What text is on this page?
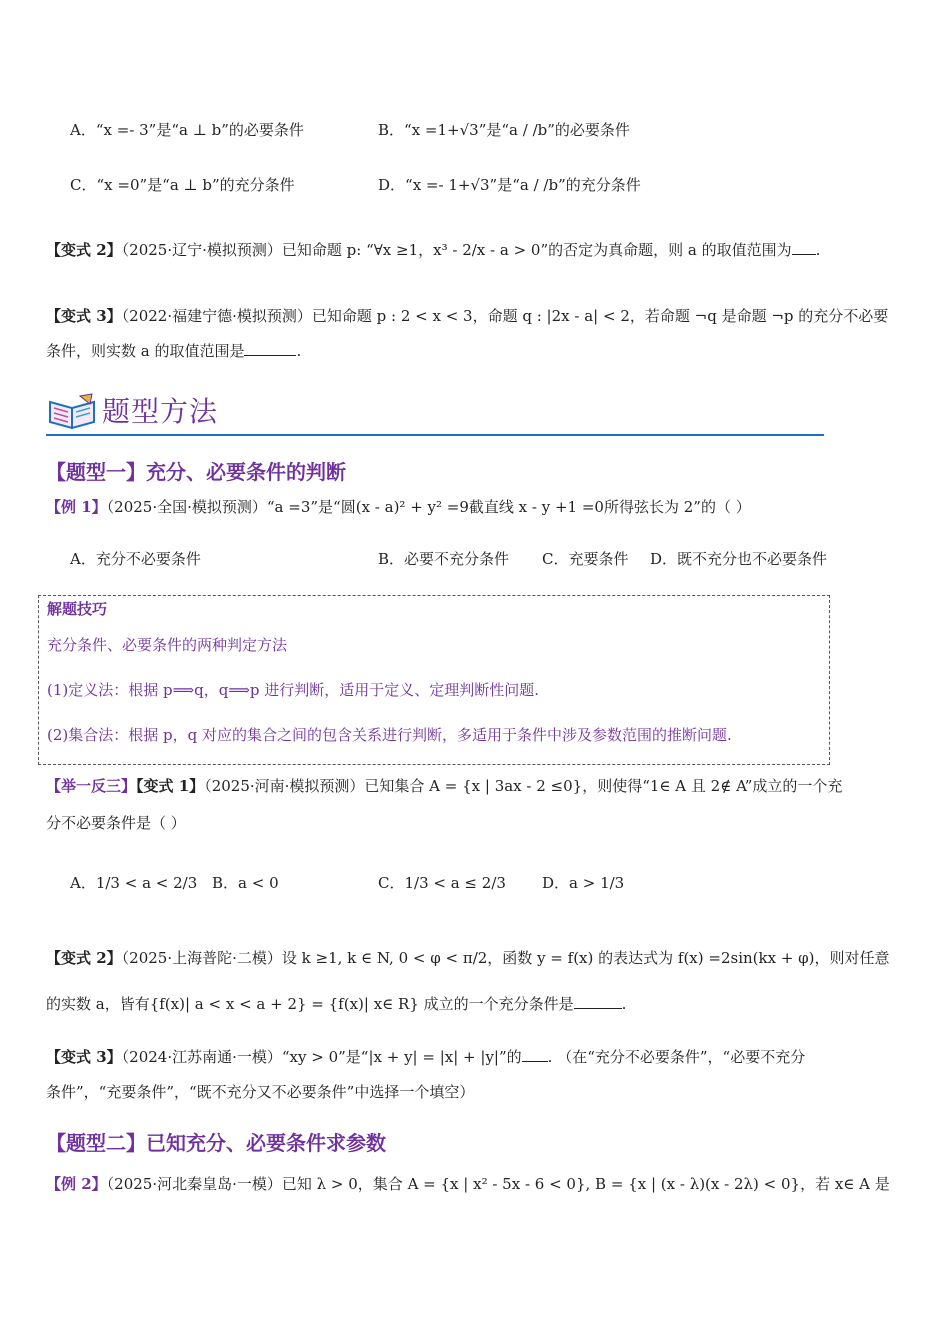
A．“x =- 3”是“a ⊥ b”的必要条件	B．“x =1+√3”是“a / /b”的必要条件
C．“x =0”是“a ⊥ b”的充分条件	D．“x =- 1+√3”是“a / /b”的充分条件
【变式 2】（2025·辽宁·模拟预测）已知命题 p: “∀x ≥1，x³ - 2/x - a > 0”的否定为真命题，则 a 的取值范围为 .
【变式 3】（2022·福建宁德·模拟预测）已知命题 p : 2 < x < 3，命题 q : |2x - a| < 2，若命题 ¬q 是命题 ¬p 的充分不必要
条件，则实数 a 的取值范围是	.
题型方法
【题型一】充分、必要条件的判断
【例 1】（2025·全国·模拟预测）“a =3”是“圆(x - a)² + y² =9截直线 x - y +1 =0所得弦长为 2”的（ ）
A．充分不必要条件	B．必要不充分条件 C．充要条件 D．既不充分也不必要条件
解题技巧
充分条件、必要条件的两种判定方法
(1)定义法：根据 p⟹q，q⟹p 进行判断，适用于定义、定理判断性问题.
(2)集合法：根据 p，q 对应的集合之间的包含关系进行判断，多适用于条件中涉及参数范围的推断问题.
【举一反三】【变式 1】（2025·河南·模拟预测）已知集合 A = {x | 3ax - 2 ≤0}，则使得“1∈ A 且 2∉ A”成立的一个充
分不必要条件是（ ）
A．1/3 < a < 2/3 B．a < 0	C．1/3 < a ≤ 2/3 D．a > 1/3
【变式 2】（2025·上海普陀·二模）设 k ≥1, k ∈ N, 0 < φ < π/2，函数 y = f(x) 的表达式为 f(x) =2sin(kx + φ)，则对任意
的实数 a，皆有{f(x)| a < x < a + 2} = {f(x)| x∈ R} 成立的一个充分条件是	.
【变式 3】（2024·江苏南通·一模）“xy > 0”是“|x + y| = |x| + |y|”的 . （在“充分不必要条件”，“必要不充分
条件”，“充要条件”，“既不充分又不必要条件”中选择一个填空）
【题型二】已知充分、必要条件求参数
【例 2】（2025·河北秦皇岛·一模）已知 λ > 0，集合 A = {x | x² - 5x - 6 < 0}, B = {x | (x - λ)(x - 2λ) < 0}，若 x∈ A 是
